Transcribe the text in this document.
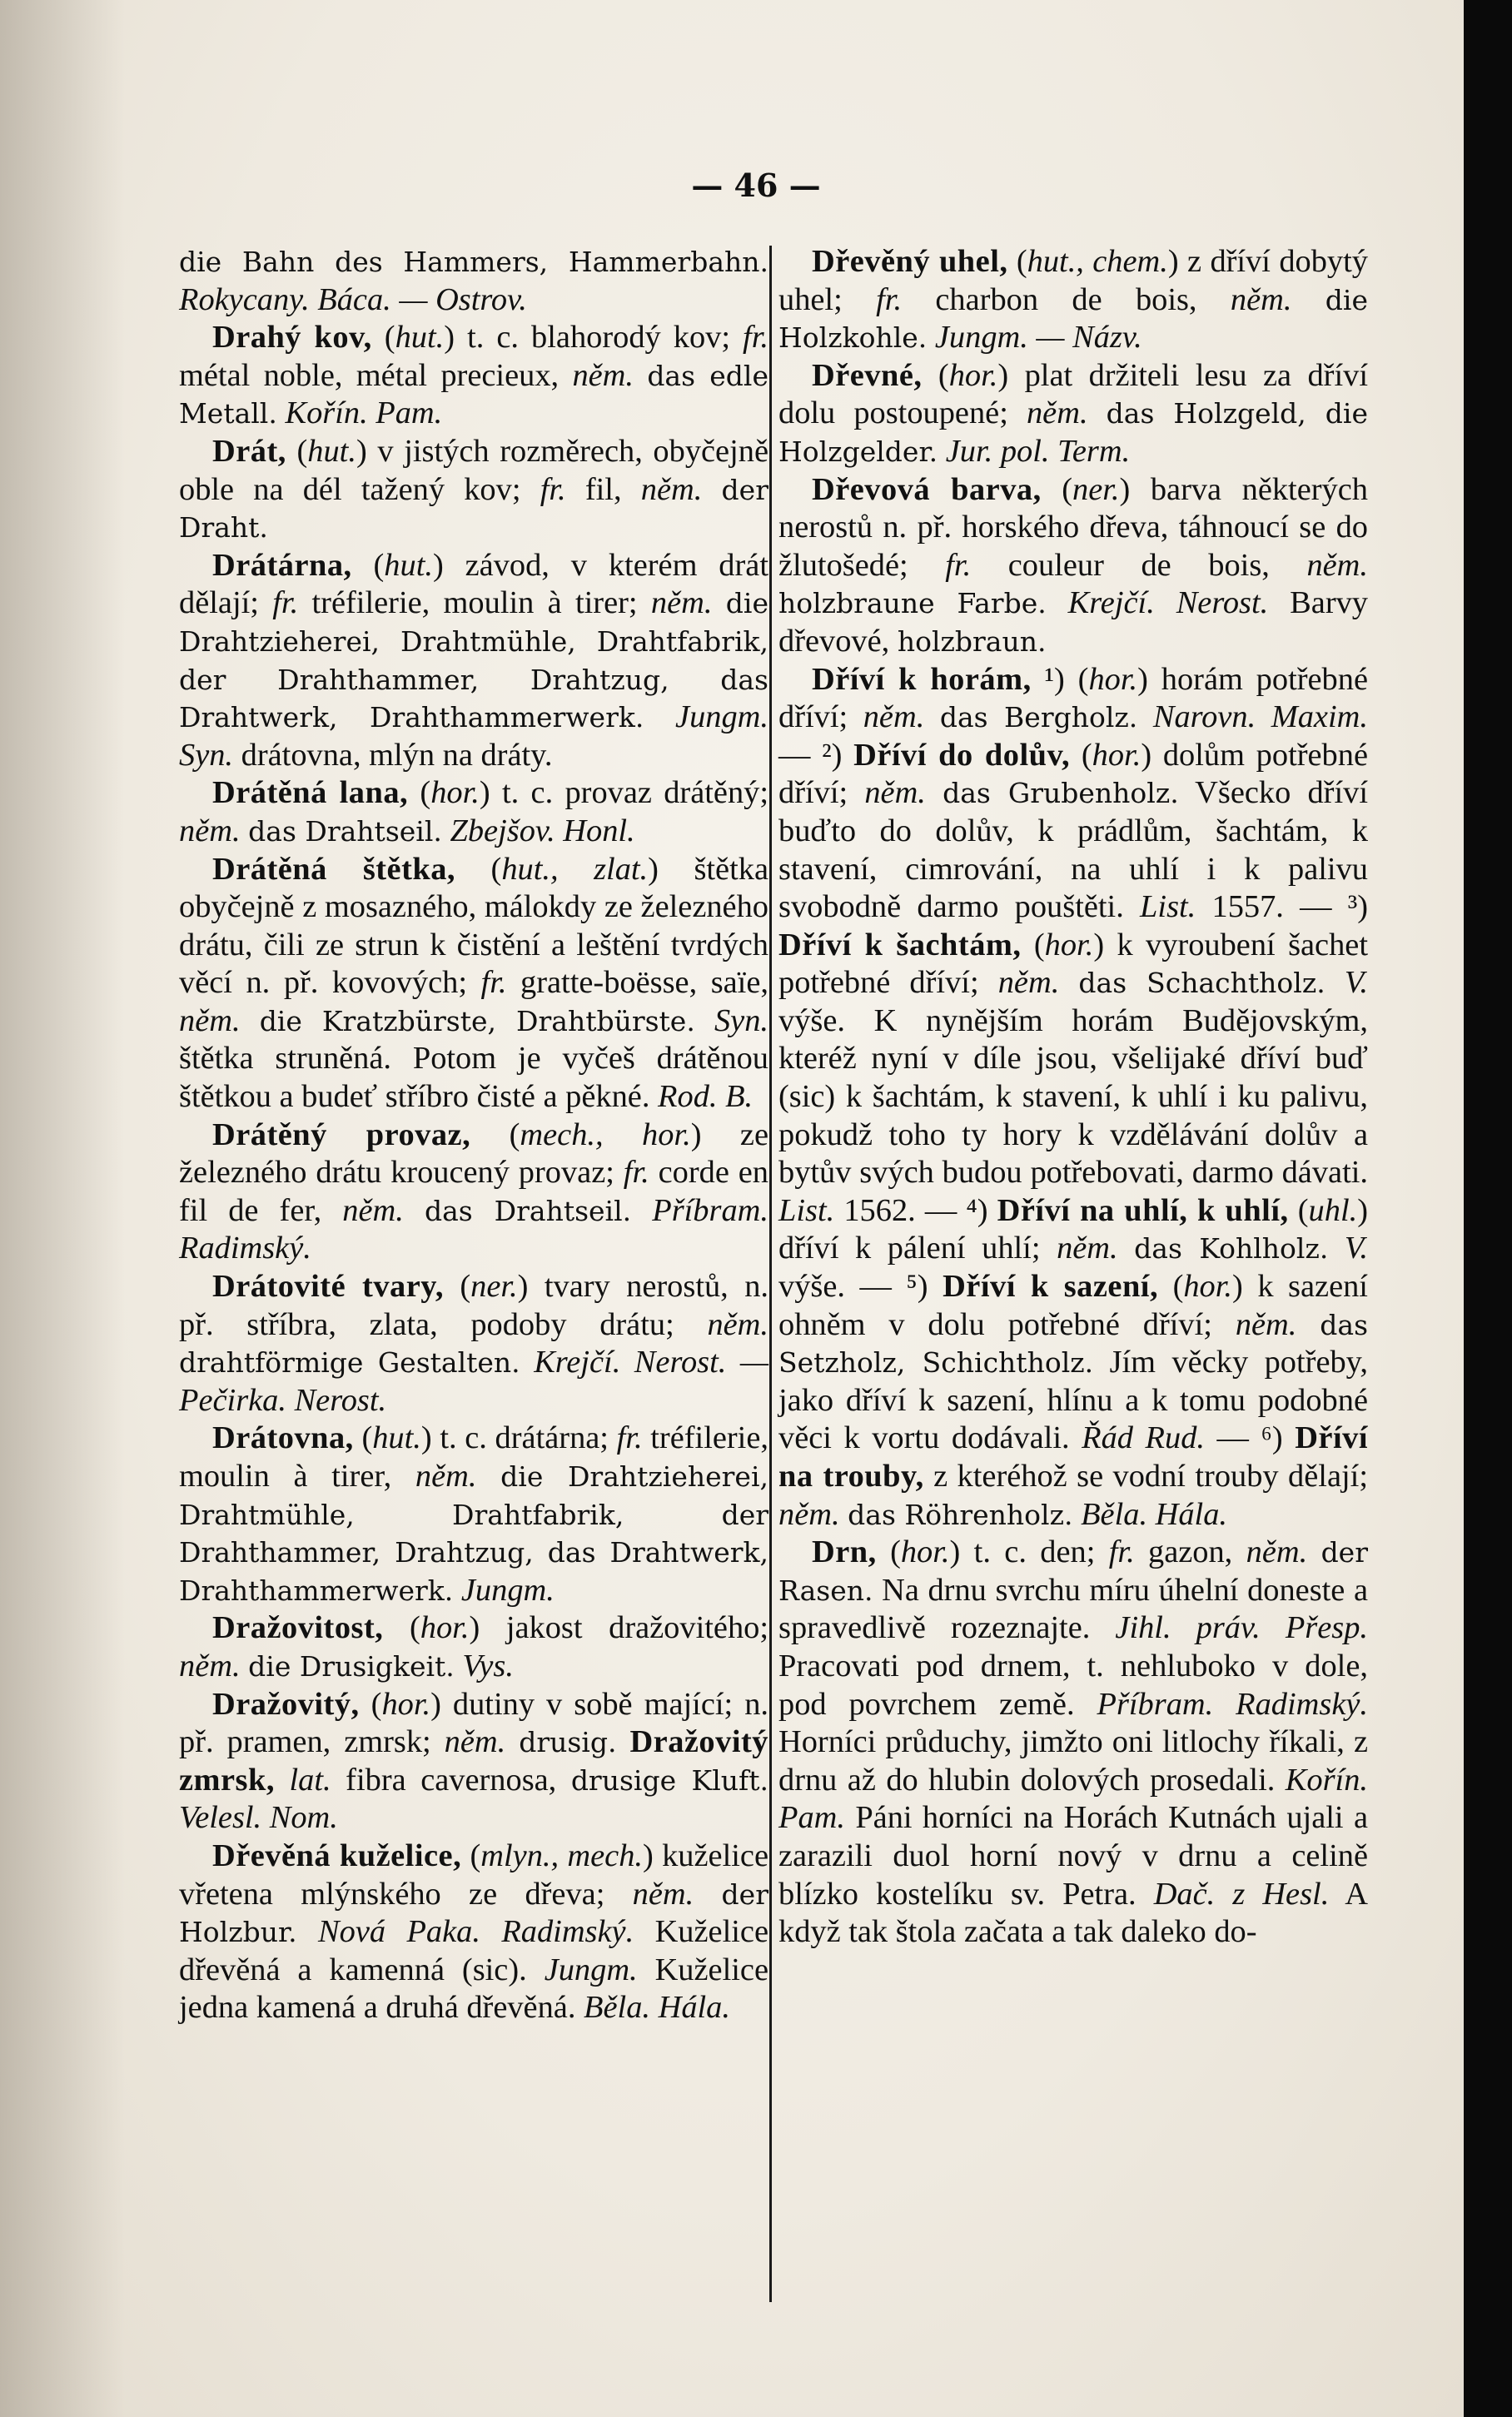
— 46 —

die Bahn des Hammers, Hammerbahn. Rokycany. Báca. — Ostrov.

Drahý kov, (hut.) t. c. blahorodý kov; fr. métal noble, métal precieux, něm. das edle Metall. Kořín. Pam.

Drát, (hut.) v jistých rozměrech, obyčejně oble na dél tažený kov; fr. fil, něm. der Draht.

Drátárna, (hut.) závod, v kterém drát dělají; fr. tréfilerie, moulin à tirer; něm. die Drahtzieherei, Drahtmühle, Drahtfabrik, der Drahthammer, Drahtzug, das Drahtwerk, Drahthammerwerk. Jungm. Syn. drátovna, mlýn na dráty.

Drátěná lana, (hor.) t. c. provaz drátěný; něm. das Drahtseil. Zbejšov. Honl.

Drátěná štětka, (hut., zlat.) štětka obyčejně z mosazného, málokdy ze železného drátu, čili ze strun k čistění a leštění tvrdých věcí n. př. kovových; fr. gratte-boësse, saïe, něm. die Kratzbürste, Drahtbürste. Syn. štětka struněná. Potom je vyčeš drátěnou štětkou a budeť stříbro čisté a pěkné. Rod. B.

Drátěný provaz, (mech., hor.) ze železného drátu kroucený provaz; fr. corde en fil de fer, něm. das Drahtseil. Příbram. Radimský.

Drátovité tvary, (ner.) tvary nerostů, n. př. stříbra, zlata, podoby drátu; něm. drahtförmige Gestalten. Krejčí. Nerost. — Pečirka. Nerost.

Drátovna, (hut.) t. c. drátárna; fr. tréfilerie, moulin à tirer, něm. die Drahtzieherei, Drahtmühle, Drahtfabrik, der Drahthammer, Drahtzug, das Drahtwerk, Drahthammerwerk. Jungm.

Dražovitost, (hor.) jakost dražovitého; něm. die Drusigkeit. Vys.

Dražovitý, (hor.) dutiny v sobě mající; n. př. pramen, zmrsk; něm. drusig. Dražovitý zmrsk, lat. fibra cavernosa, drusige Kluft. Velesl. Nom.

Dřevěná kuželice, (mlyn., mech.) kuželice vřetena mlýnského ze dřeva; něm. der Holzbur. Nová Paka. Radimský. Kuželice dřevěná a kamenná (sic). Jungm. Kuželice jedna kamená a druhá dřevěná. Běla. Hála.

Dřevěný uhel, (hut., chem.) z dříví dobytý uhel; fr. charbon de bois, něm. die Holzkohle. Jungm. — Názv.

Dřevné, (hor.) plat držiteli lesu za dříví dolu postoupené; něm. das Holzgeld, die Holzgelder. Jur. pol. Term.

Dřevová barva, (ner.) barva některých nerostů n. př. horského dřeva, táhnoucí se do žlutošedé; fr. couleur de bois, něm. holzbraune Farbe. Krejčí. Nerost. Barvy dřevové, holzbraun.

Dříví k horám, ¹) (hor.) horám potřebné dříví; něm. das Bergholz. Narovn. Maxim. — ²) Dříví do dolův, (hor.) dolům potřebné dříví; něm. das Grubenholz. Všecko dříví buďto do dolův, k prádlům, šachtám, k stavení, cimrování, na uhlí i k palivu svobodně darmo pouštěti. List. 1557. — ³) Dříví k šachtám, (hor.) k vyroubení šachet potřebné dříví; něm. das Schachtholz. V. výše. K nynějším horám Budějovským, kteréž nyní v díle jsou, všelijaké dříví buď (sic) k šachtám, k stavení, k uhlí i ku palivu, pokudž toho ty hory k vzdělávání dolův a bytův svých budou potřebovati, darmo dávati. List. 1562. — ⁴) Dříví na uhlí, k uhlí, (uhl.) dříví k pálení uhlí; něm. das Kohlholz. V. výše. — ⁵) Dříví k sazení, (hor.) k sazení ohněm v dolu potřebné dříví; něm. das Setzholz, Schichtholz. Jím věcky potřeby, jako dříví k sazení, hlínu a k tomu podobné věci k vortu dodávali. Řád Rud. — ⁶) Dříví na trouby, z kteréhož se vodní trouby dělají; něm. das Röhrenholz. Běla. Hála.

Drn, (hor.) t. c. den; fr. gazon, něm. der Rasen. Na drnu svrchu míru úhelní doneste a spravedlivě rozeznajte. Jihl. práv. Přesp. Pracovati pod drnem, t. nehluboko v dole, pod povrchem země. Příbram. Radimský. Horníci průduchy, jimžto oni litlochy říkali, z drnu až do hlubin dolových prosedali. Kořín. Pam. Páni horníci na Horách Kutnách ujali a zarazili duol horní nový v drnu a celině blízko kostelíku sv. Petra. Dač. z Hesl. A když tak štola začata a tak daleko do-
